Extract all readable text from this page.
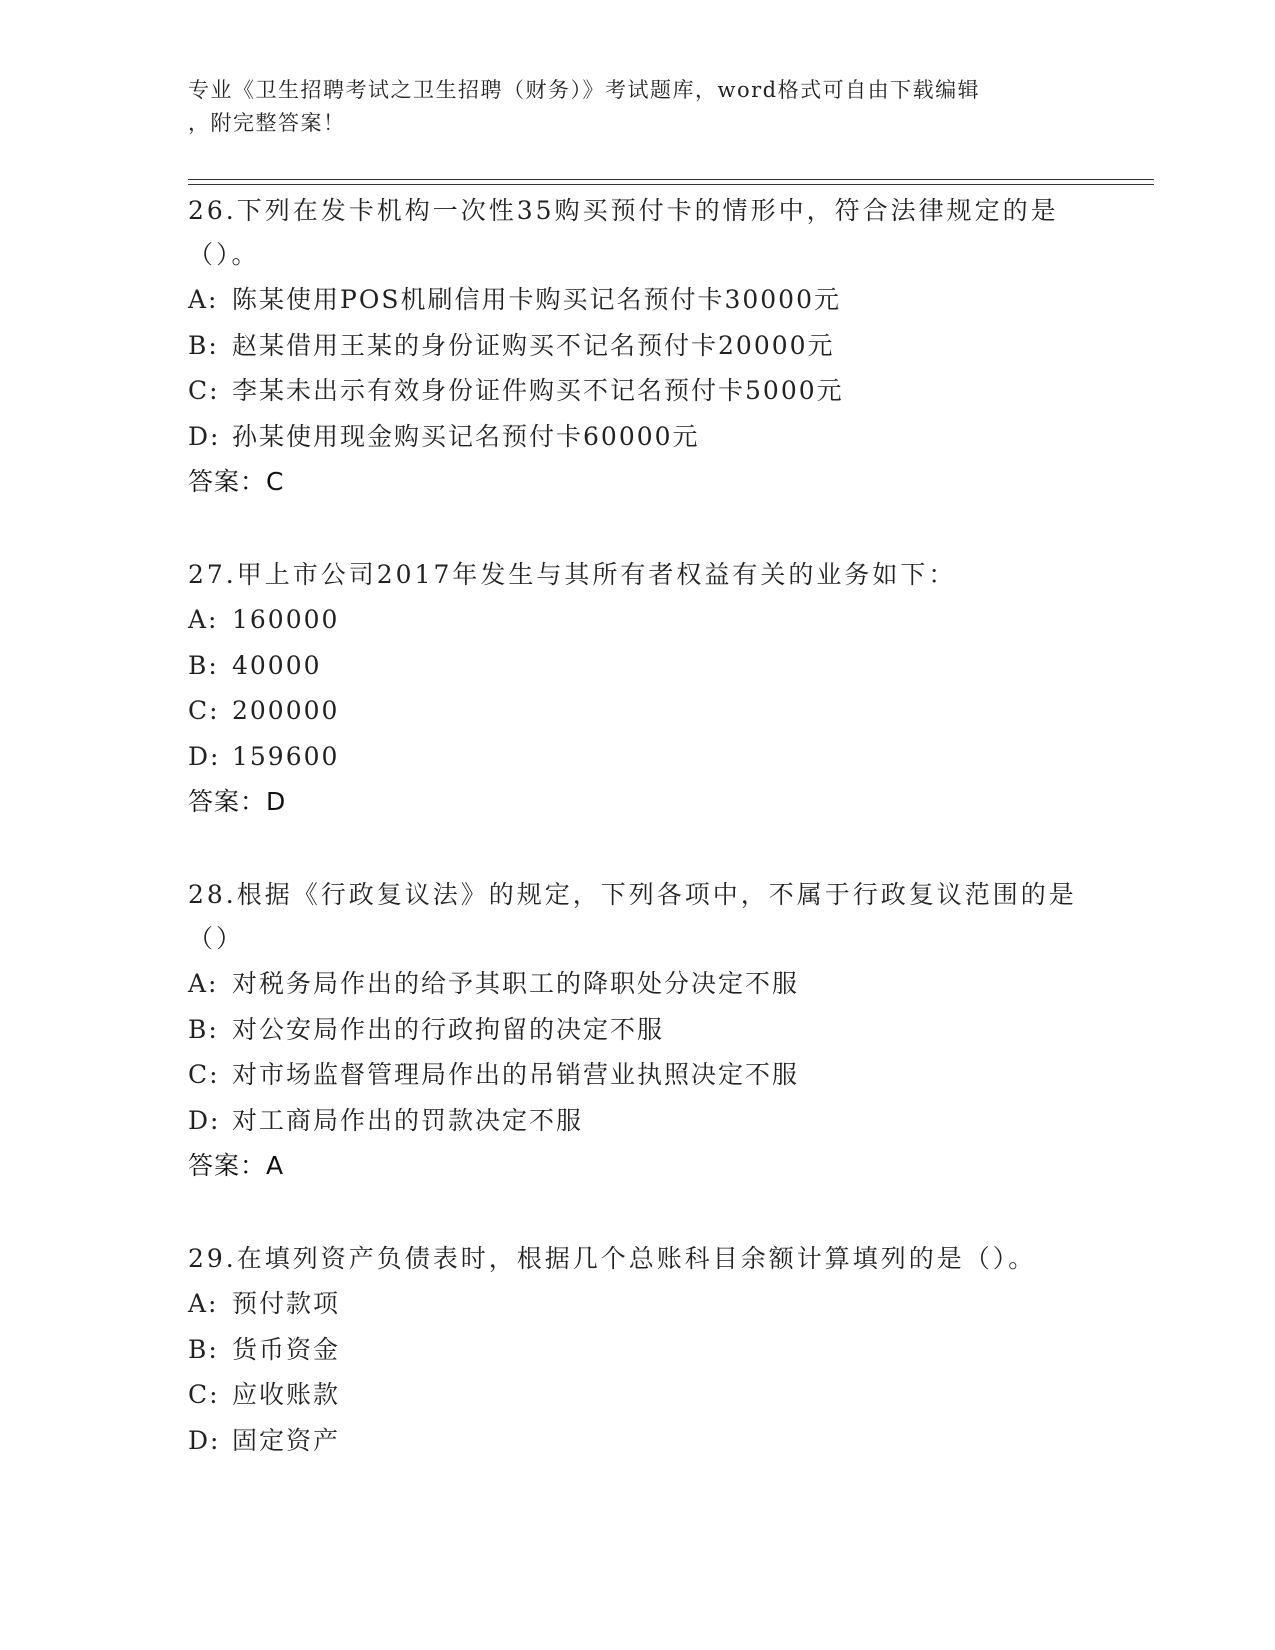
专业《卫生招聘考试之卫生招聘（财务）》考试题库，word格式可自由下载编辑
，附完整答案！

26.下列在发卡机构一次性35购买预付卡的情形中，符合法律规定的是（）。

A: 陈某使用POS机刷信用卡购买记名预付卡30000元
B: 赵某借用王某的身份证购买不记名预付卡20000元
C: 李某未出示有效身份证件购买不记名预付卡5000元
D: 孙某使用现金购买记名预付卡60000元
答案：C

27.甲上市公司2017年发生与其所有者权益有关的业务如下：

A: 160000
B: 40000
C: 200000
D: 159600
答案：D

28.根据《行政复议法》的规定，下列各项中，不属于行政复议范围的是（）

A: 对税务局作出的给予其职工的降职处分决定不服
B: 对公安局作出的行政拘留的决定不服
C: 对市场监督管理局作出的吊销营业执照决定不服
D: 对工商局作出的罚款决定不服
答案：A

29.在填列资产负债表时，根据几个总账科目余额计算填列的是（）。

A: 预付款项
B: 货币资金
C: 应收账款
D: 固定资产
